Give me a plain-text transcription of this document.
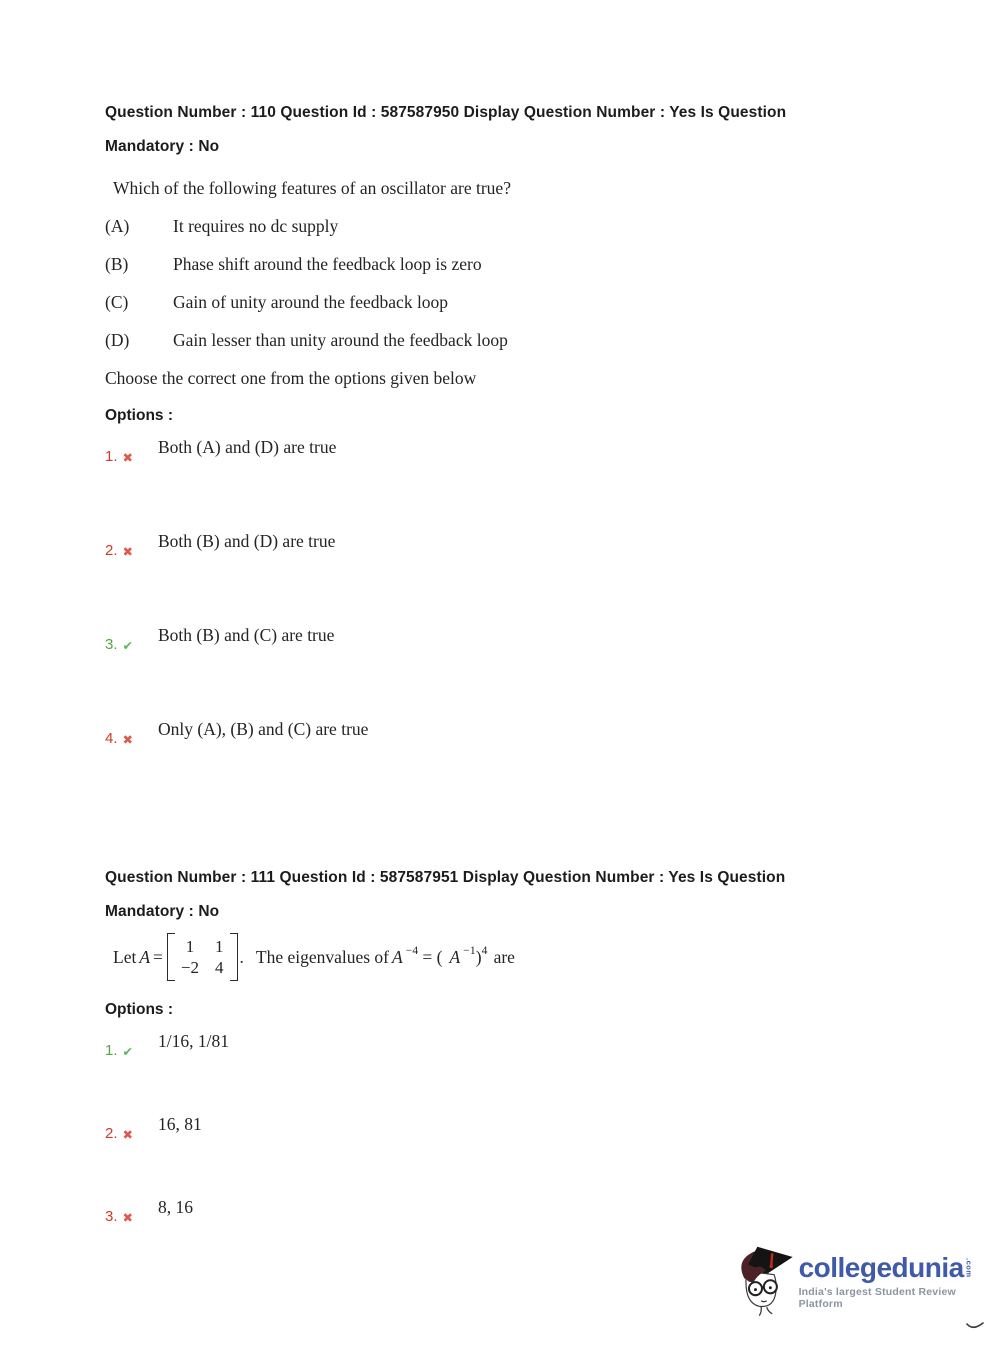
Question Number : 110 Question Id : 587587950 Display Question Number : Yes Is Question
Mandatory : No

Which of the following features of an oscillator are true?

(A)	It requires no dc supply
(B)	Phase shift around the feedback loop is zero
(C)	Gain of unity around the feedback loop
(D)	Gain lesser than unity around the feedback loop

Choose the correct one from the options given below

Options :
1. ✖
Both (A) and (D) are true
2. ✖
Both (B) and (D) are true
3. ✔
Both (B) and (C) are true
4. ✖
Only (A), (B) and (C) are true
Question Number : 111 Question Id : 587587951 Display Question Number : Yes Is Question
Mandatory : No
Let A = 1 1
−2 4
. The eigenvalues of A $^{-4}$ = ( A $^{-1}$ )$^4$ are
Options :
1. ✔
1/16, 1/81
2. ✖
16, 81
3. ✖
8, 16
collegedunia .com
India's largest Student Review Platform
